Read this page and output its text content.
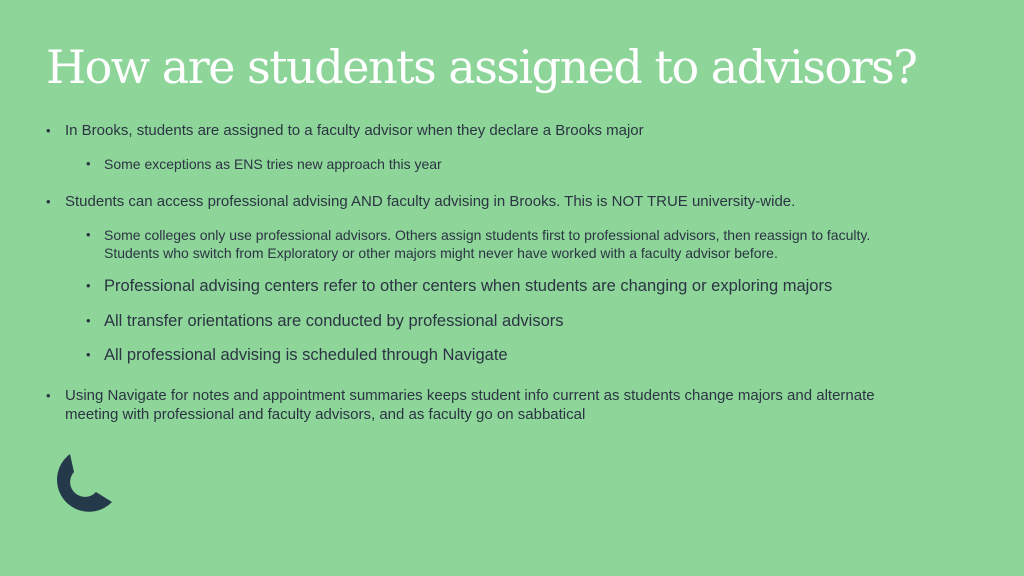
How are students assigned to advisors?
• In Brooks, students are assigned to a faculty advisor when they declare a Brooks major
• Some exceptions as ENS tries new approach this year
• Students can access professional advising AND faculty advising in Brooks. This is NOT TRUE university-wide.
• Some colleges only use professional advisors. Others assign students first to professional advisors, then reassign to faculty.
Students who switch from Exploratory or other majors might never have worked with a faculty advisor before.
• Professional advising centers refer to other centers when students are changing or exploring majors
• All transfer orientations are conducted by professional advisors
• All professional advising is scheduled through Navigate
• Using Navigate for notes and appointment summaries keeps student info current as students change majors and alternate
meeting with professional and faculty advisors, and as faculty go on sabbatical
